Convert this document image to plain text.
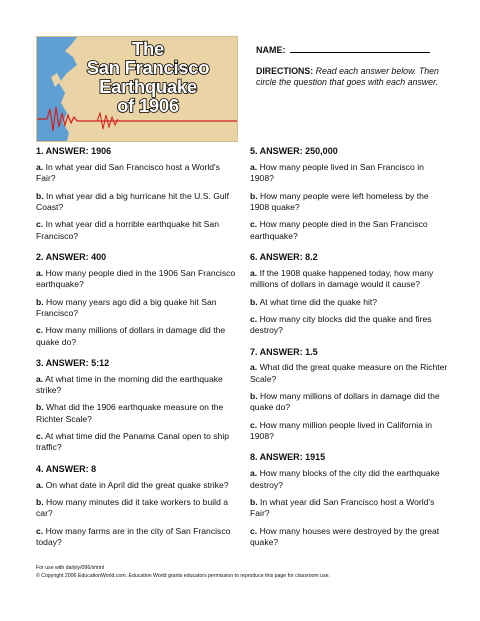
The
San Francisco
Earthquake
of 1906
NAME:
DIRECTIONS: Read each answer below. Then circle the question that goes with each answer.
1. ANSWER: 1906
a. In what year did San Francisco host a World's Fair?
b. In what year did a big hurricane hit the U.S. Gulf Coast?
c. In what year did a horrible earthquake hit San Francisco?
2. ANSWER: 400
a. How many people died in the 1906 San Francisco earthquake?
b. How many years ago did a big quake hit San Francisco?
c. How many millions of dollars in damage did the quake do?
3. ANSWER: 5:12
a. At what time in the morning did the earthquake strike?
b. What did the 1906 earthquake measure on the Richter Scale?
c. At what time did the Panama Canal open to ship traffic?
4. ANSWER: 8
a. On what date in April did the great quake strike?
b. How many minutes did it take workers to build a car?
c. How many farms are in the city of San Francisco today?
5. ANSWER: 250,000
a. How many people lived in San Francisco in 1908?
b. How many people were left homeless by the 1908 quake?
c. How many people died in the San Francisco earthquake?
6. ANSWER: 8.2
a. If the 1908 quake happened today, how many millions of dollars in damage would it cause?
b. At what time did the quake hit?
c. How many city blocks did the quake and fires destroy?
7. ANSWER: 1.5
a. What did the great quake measure on the Richter Scale?
b. How many millions of dollars in damage did the quake do?
c. How many million people lived in California in 1908?
8. ANSWER: 1915
a. How many blocks of the city did the earthquake destroy?
b. In what year did San Francisco host a World's Fair?
c. How many houses were destroyed by the great quake?
For use with dailyly/096/shtml
© Copyright 2006 EducationWorld.com. Education World grants educators permission to reproduce this page for classroom use.
